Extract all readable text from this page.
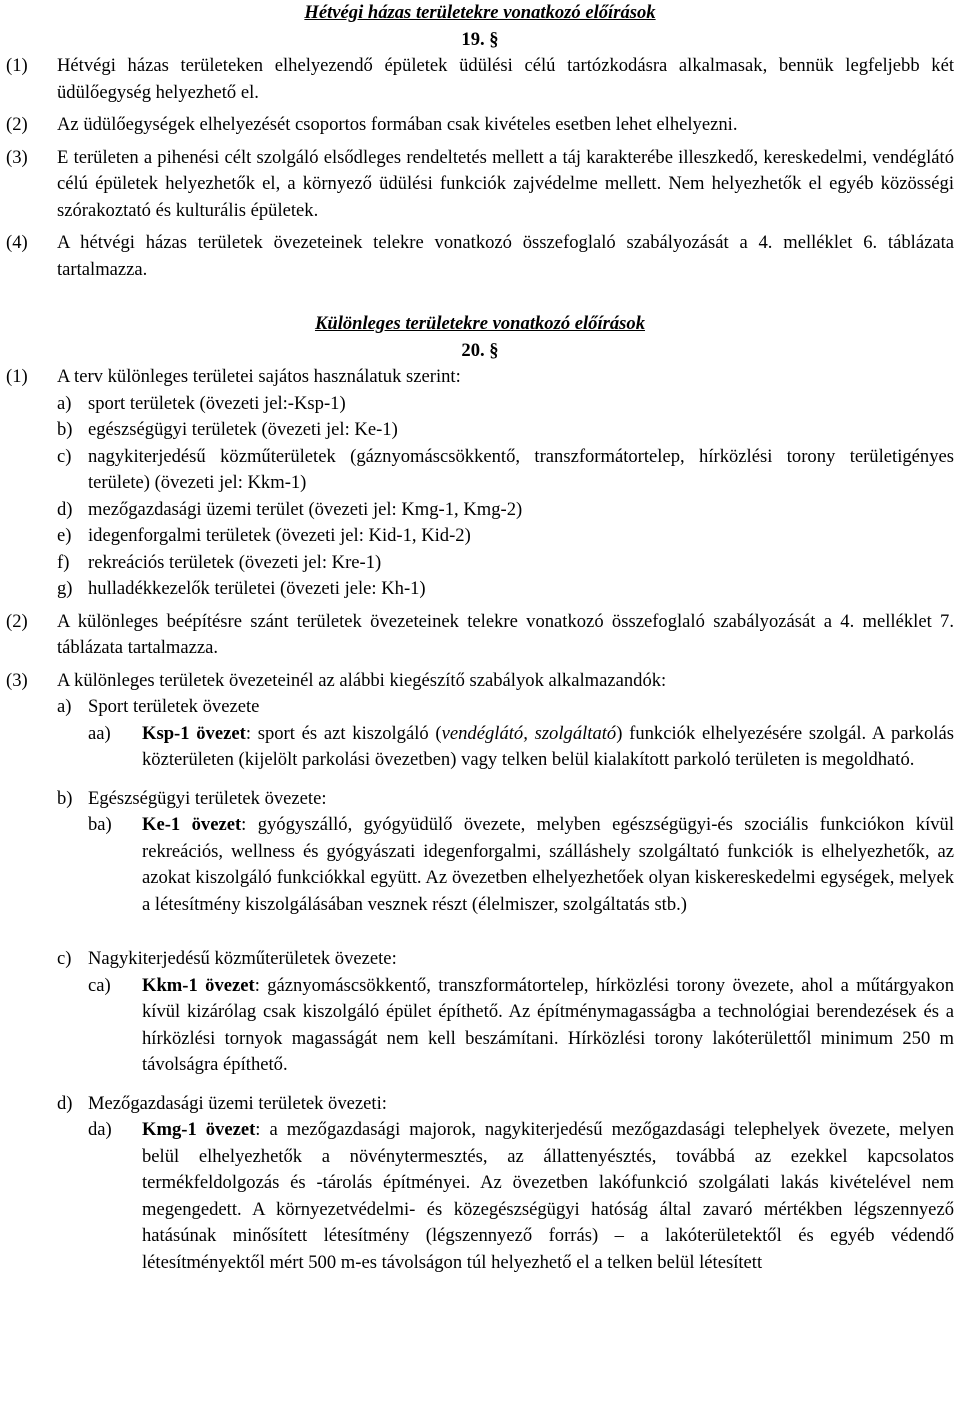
Hétvégi házas területekre vonatkozó előírások

19. §

(1) Hétvégi házas területeken elhelyezendő épületek üdülési célú tartózkodásra alkalmasak, bennük legfeljebb két üdülőegység helyezhető el.

(2) Az üdülőegységek elhelyezését csoportos formában csak kivételes esetben lehet elhelyezni.

(3) E területen a pihenési célt szolgáló elsődleges rendeltetés mellett a táj karakterébe illeszkedő, kereskedelmi, vendéglátó célú épületek helyezhetők el, a környező üdülési funkciók zajvédelme mellett. Nem helyezhetők el egyéb közösségi szórakoztató és kulturális épületek.

(4) A hétvégi házas területek övezeteinek telekre vonatkozó összefoglaló szabályozását a 4. melléklet 6. táblázata tartalmazza.

Különleges területekre vonatkozó előírások

20. §

(1) A terv különleges területei sajátos használatuk szerint:

a) sport területek (övezeti jel:-Ksp-1)

b) egészségügyi területek (övezeti jel: Ke-1)

c) nagykiterjedésű közműterületek (gáznyomáscsökkentő, transzformátortelep, hírközlési torony területigényes területe) (övezeti jel: Kkm-1)

d) mezőgazdasági üzemi terület (övezeti jel: Kmg-1, Kmg-2)

e) idegenforgalmi területek (övezeti jel: Kid-1, Kid-2)

f) rekreációs területek (övezeti jel: Kre-1)

g) hulladékkezelők területei (övezeti jele: Kh-1)

(2) A különleges beépítésre szánt területek övezeteinek telekre vonatkozó összefoglaló szabályozását a 4. melléklet 7. táblázata tartalmazza.

(3) A különleges területek övezeteinél az alábbi kiegészítő szabályok alkalmazandók:

a) Sport területek övezete

aa) Ksp-1 övezet: sport és azt kiszolgáló (vendéglátó, szolgáltató) funkciók elhelyezésére szolgál. A parkolás közterületen (kijelölt parkolási övezetben) vagy telken belül kialakított parkoló területen is megoldható.

b) Egészségügyi területek övezete:

ba) Ke-1 övezet: gyógyszálló, gyógyüdülő övezete, melyben egészségügyi-és szociális funkciókon kívül rekreációs, wellness és gyógyászati idegenforgalmi, szálláshely szolgáltató funkciók is elhelyezhetők, az azokat kiszolgáló funkciókkal együtt. Az övezetben elhelyezhetőek olyan kiskereskedelmi egységek, melyek a létesítmény kiszolgálásában vesznek részt (élelmiszer, szolgáltatás stb.)

c) Nagykiterjedésű közműterületek övezete:

ca) Kkm-1 övezet: gáznyomáscsökkentő, transzformátortelep, hírközlési torony övezete, ahol a műtárgyakon kívül kizárólag csak kiszolgáló épület építhető. Az építménymagasságba a technológiai berendezések és a hírközlési tornyok magasságát nem kell beszámítani. Hírközlési torony lakóterülettől minimum 250 m távolságra építhető.

d) Mezőgazdasági üzemi területek övezeti:

da) Kmg-1 övezet: a mezőgazdasági majorok, nagykiterjedésű mezőgazdasági telephelyek övezete, melyen belül elhelyezhetők a növénytermesztés, az állattenyésztés, továbbá az ezekkel kapcsolatos termékfeldolgozás és -tárolás építményei. Az övezetben lakófunkció szolgálati lakás kivételével nem megengedett. A környezetvédelmi- és közegészségügyi hatóság által zavaró mértékben légszennyező hatásúnak minősített létesítmény (légszennyező forrás) – a lakóterületektől és egyéb védendő létesítményektől mért 500 m-es távolságon túl helyezhető el a telken belül létesített
